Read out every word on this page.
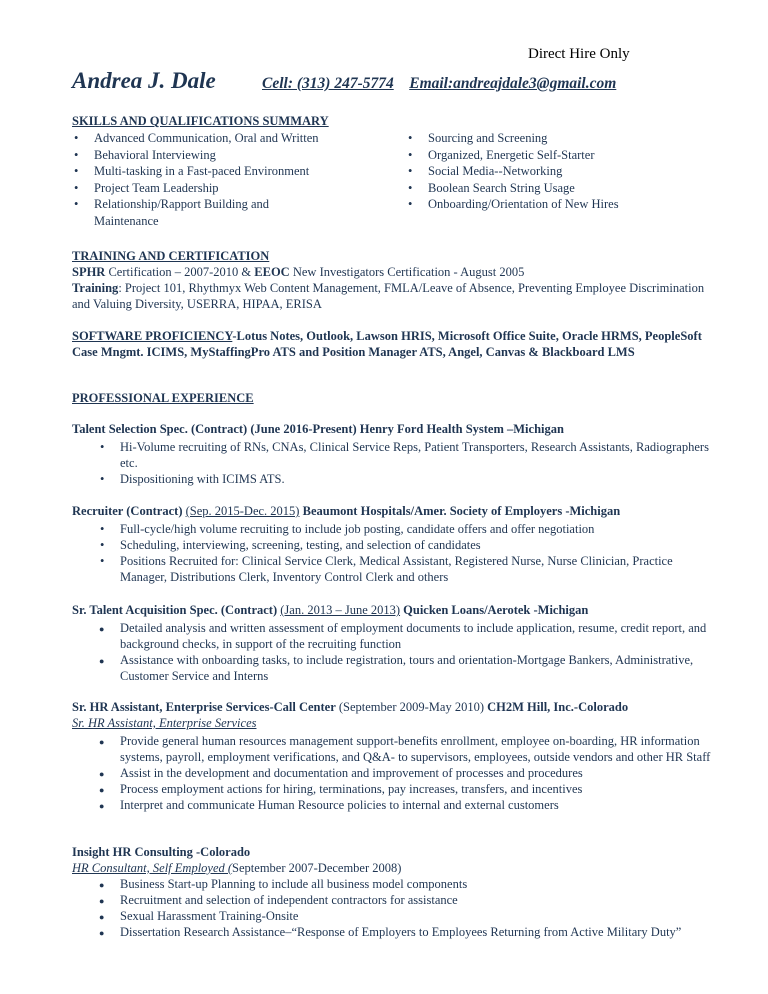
Direct Hire Only
Andrea J. Dale	Cell: (313) 247-5774 Email:andreajdale3@gmail.com
SKILLS AND QUALIFICATIONS SUMMARY
• Advanced Communication, Oral and Written
• Behavioral Interviewing
• Multi-tasking in a Fast-paced Environment
• Project Team Leadership
• Relationship/Rapport Building and Maintenance
• Sourcing and Screening
• Organized, Energetic Self-Starter
• Social Media--Networking
• Boolean Search String Usage
• Onboarding/Orientation of New Hires
TRAINING AND CERTIFICATION
SPHR Certification – 2007-2010 & EEOC New Investigators Certification - August 2005
Training: Project 101, Rhythmyx Web Content Management, FMLA/Leave of Absence, Preventing Employee Discrimination and Valuing Diversity, USERRA, HIPAA, ERISA
SOFTWARE PROFICIENCY-Lotus Notes, Outlook, Lawson HRIS, Microsoft Office Suite, Oracle HRMS, PeopleSoft Case Mngmt. ICIMS, MyStaffingPro ATS and Position Manager ATS, Angel, Canvas & Blackboard LMS
PROFESSIONAL EXPERIENCE
Talent Selection Spec. (Contract) (June 2016-Present) Henry Ford Health System –Michigan
• Hi-Volume recruiting of RNs, CNAs, Clinical Service Reps, Patient Transporters, Research Assistants, Radiographers etc.
• Dispositioning with ICIMS ATS.
Recruiter (Contract) (Sep. 2015-Dec. 2015) Beaumont Hospitals/Amer. Society of Employers -Michigan
• Full-cycle/high volume recruiting to include job posting, candidate offers and offer negotiation
• Scheduling, interviewing, screening, testing, and selection of candidates
• Positions Recruited for: Clinical Service Clerk, Medical Assistant, Registered Nurse, Nurse Clinician, Practice Manager, Distributions Clerk, Inventory Control Clerk and others
Sr. Talent Acquisition Spec. (Contract) (Jan. 2013 – June 2013) Quicken Loans/Aerotek -Michigan
● Detailed analysis and written assessment of employment documents to include application, resume, credit report, and background checks, in support of the recruiting function
● Assistance with onboarding tasks, to include registration, tours and orientation-Mortgage Bankers, Administrative, Customer Service and Interns
Sr. HR Assistant, Enterprise Services-Call Center (September 2009-May 2010) CH2M Hill, Inc.-Colorado
Sr. HR Assistant, Enterprise Services
● Provide general human resources management support-benefits enrollment, employee on-boarding, HR information systems, payroll, employment verifications, and Q&A- to supervisors, employees, outside vendors and other HR Staff
● Assist in the development and documentation and improvement of processes and procedures
● Process employment actions for hiring, terminations, pay increases, transfers, and incentives
● Interpret and communicate Human Resource policies to internal and external customers
Insight HR Consulting -Colorado
HR Consultant, Self Employed (September 2007-December 2008)
● Business Start-up Planning to include all business model components
● Recruitment and selection of independent contractors for assistance
● Sexual Harassment Training-Onsite
● Dissertation Research Assistance–“Response of Employers to Employees Returning from Active Military Duty”
